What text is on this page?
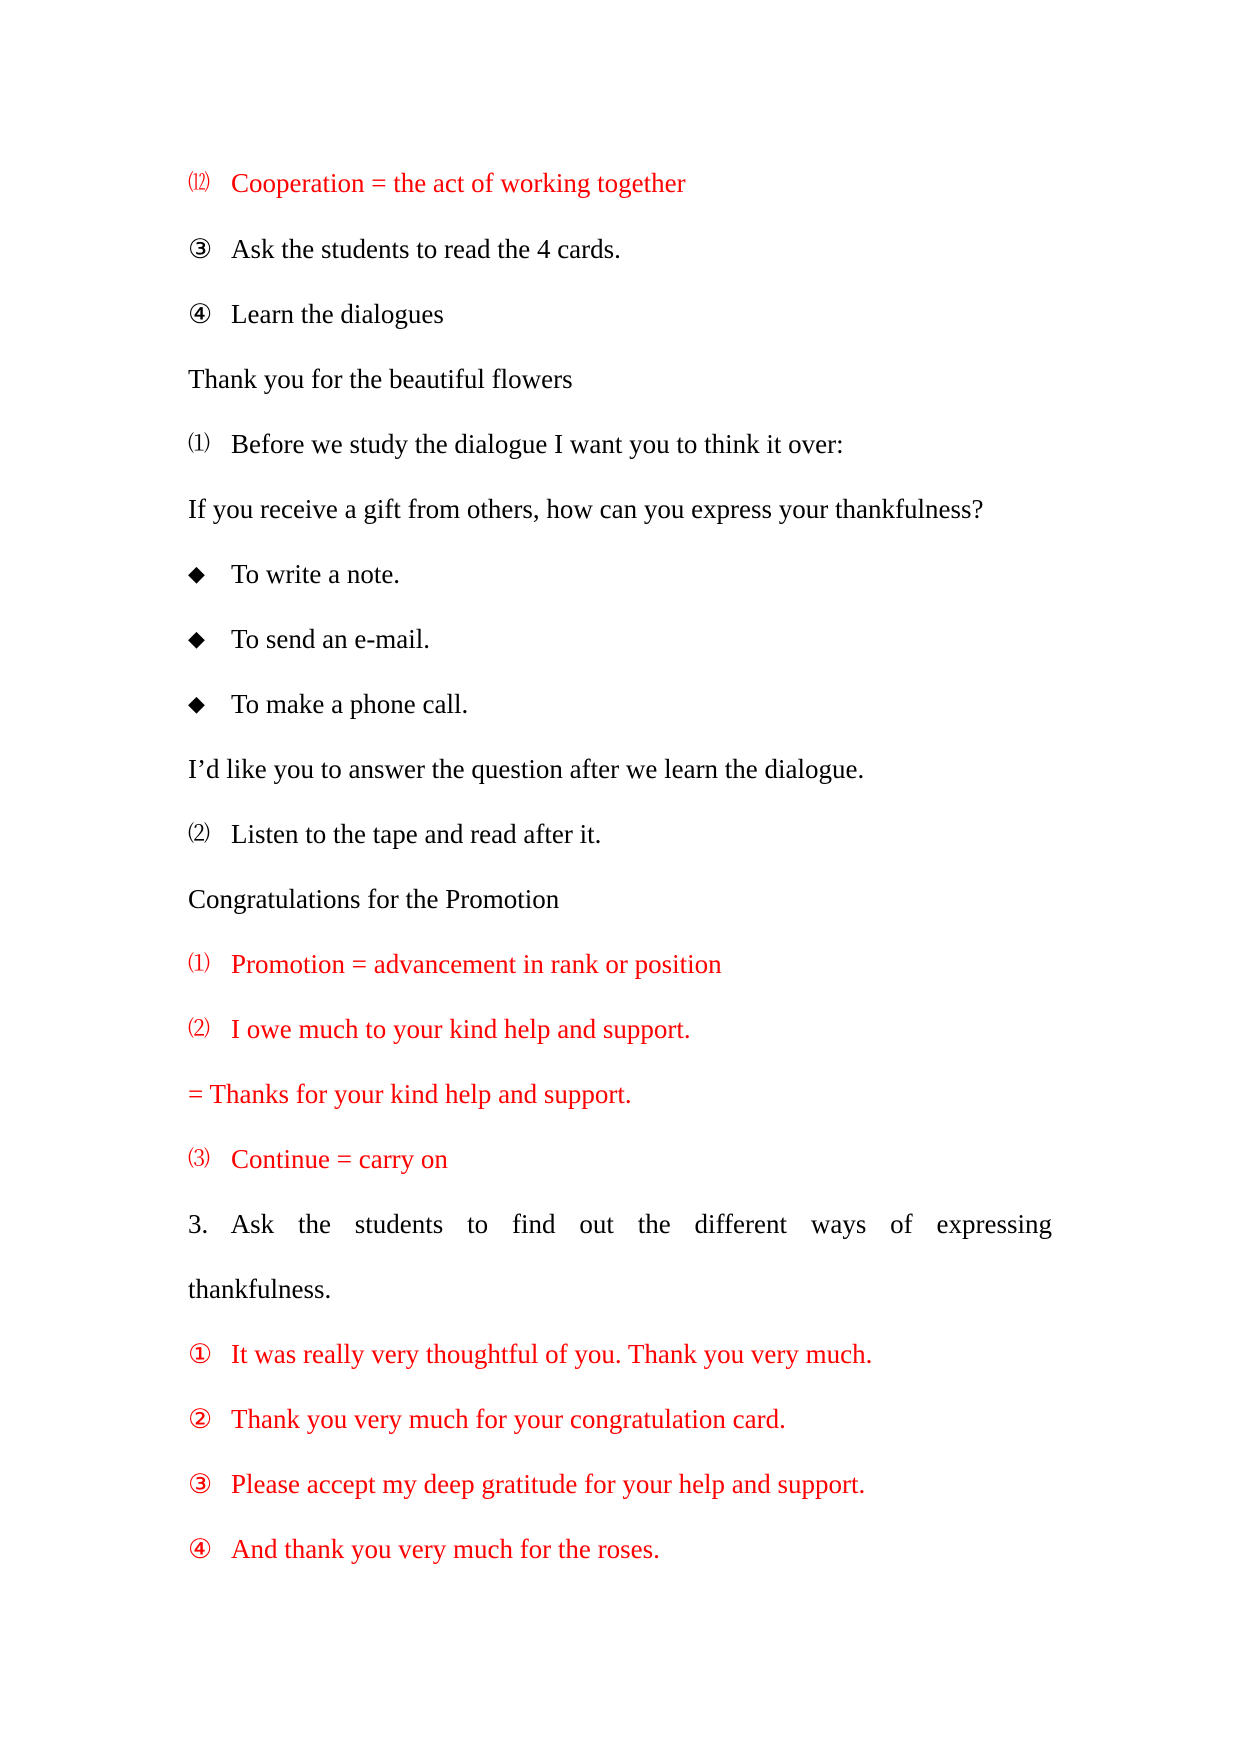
⑿ Cooperation = the act of working together
③ Ask the students to read the 4 cards.
④ Learn the dialogues
Thank you for the beautiful flowers
⑴ Before we study the dialogue I want you to think it over:
If you receive a gift from others, how can you express your thankfulness?
◆ To write a note.
◆ To send an e-mail.
◆ To make a phone call.
I’d like you to answer the question after we learn the dialogue.
⑵ Listen to the tape and read after it.
Congratulations for the Promotion
⑴ Promotion = advancement in rank or position
⑵ I owe much to your kind help and support.
= Thanks for your kind help and support.
⑶ Continue = carry on
3. Ask the students to find out the different ways of expressing
thankfulness.
① It was really very thoughtful of you. Thank you very much.
② Thank you very much for your congratulation card.
③ Please accept my deep gratitude for your help and support.
④ And thank you very much for the roses.
